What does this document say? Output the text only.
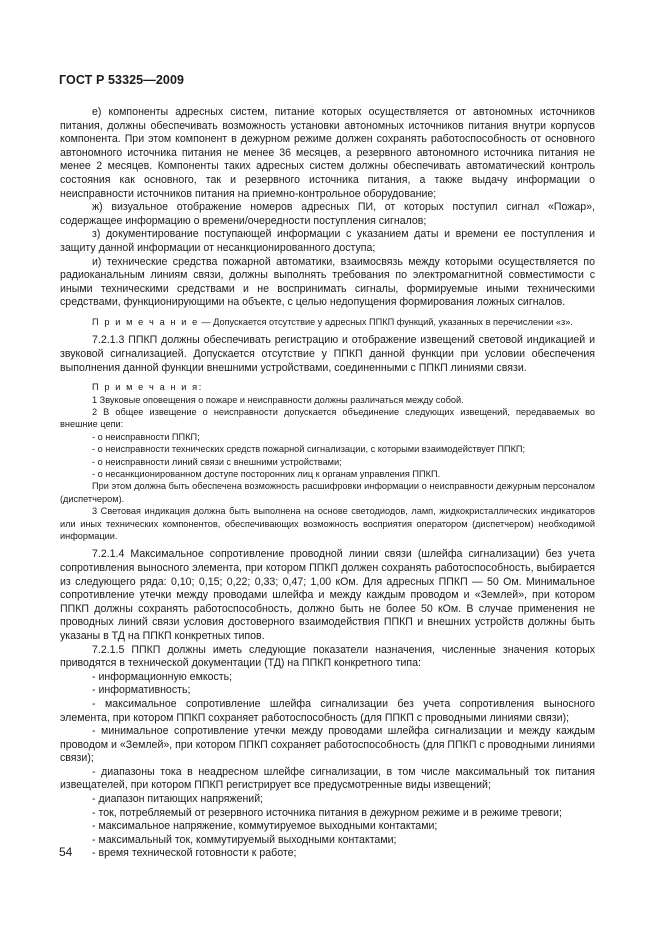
ГОСТ Р 53325—2009

е) компоненты адресных систем, питание которых осуществляется от автономных источников питания, должны обеспечивать возможность установки автономных источников питания внутри корпусов компонента. При этом компонент в дежурном режиме должен сохранять работоспособность от основного автономного источника питания не менее 36 месяцев, а резервного автономного источника питания не менее 2 месяцев. Компоненты таких адресных систем должны обеспечивать автоматический контроль состояния как основного, так и резервного источника питания, а также выдачу информации о неисправности источников питания на приемно-контрольное оборудование;

ж) визуальное отображение номеров адресных ПИ, от которых поступил сигнал «Пожар», содержащее информацию о времени/очередности поступления сигналов;

з) документирование поступающей информации с указанием даты и времени ее поступления и защиту данной информации от несанкционированного доступа;

и) технические средства пожарной автоматики, взаимосвязь между которыми осуществляется по радиоканальным линиям связи, должны выполнять требования по электромагнитной совместимости с иными техническими средствами и не воспринимать сигналы, формируемые иными техническими средствами, функционирующими на объекте, с целью недопущения формирования ложных сигналов.

П р и м е ч а н и е — Допускается отсутствие у адресных ППКП функций, указанных в перечислении «з».

7.2.1.3 ППКП должны обеспечивать регистрацию и отображение извещений световой индикацией и звуковой сигнализацией. Допускается отсутствие у ППКП данной функции при условии обеспечения выполнения данной функции внешними устройствами, соединенными с ППКП линиями связи.

П р и м е ч а н и я:

1 Звуковые оповещения о пожаре и неисправности должны различаться между собой.

2 В общее извещение о неисправности допускается объединение следующих извещений, передаваемых во внешние цепи:

- о неисправности ППКП;

- о неисправности технических средств пожарной сигнализации, с которыми взаимодействует ППКП;

- о неисправности линий связи с внешними устройствами;

- о несанкционированном доступе посторонних лиц к органам управления ППКП.

При этом должна быть обеспечена возможность расшифровки информации о неисправности дежурным персоналом (диспетчером).

3 Световая индикация должна быть выполнена на основе светодиодов, ламп, жидкокристаллических индикаторов или иных технических компонентов, обеспечивающих возможность восприятия оператором (диспетчером) необходимой информации.

7.2.1.4 Максимальное сопротивление проводной линии связи (шлейфа сигнализации) без учета сопротивления выносного элемента, при котором ППКП должен сохранять работоспособность, выбирается из следующего ряда: 0,10; 0,15; 0,22; 0,33; 0,47; 1,00 кОм. Для адресных ППКП — 50 Ом. Минимальное сопротивление утечки между проводами шлейфа и между каждым проводом и «Землей», при котором ППКП должны сохранять работоспособность, должно быть не более 50 кОм. В случае применения не проводных линий связи условия достоверного взаимодействия ППКП и внешних устройств должны быть указаны в ТД на ППКП конкретных типов.

7.2.1.5 ППКП должны иметь следующие показатели назначения, численные значения которых приводятся в технической документации (ТД) на ППКП конкретного типа:

- информационную емкость;

- информативность;

- максимальное сопротивление шлейфа сигнализации без учета сопротивления выносного элемента, при котором ППКП сохраняет работоспособность (для ППКП с проводными линиями связи);

- минимальное сопротивление утечки между проводами шлейфа сигнализации и между каждым проводом и «Землей», при котором ППКП сохраняет работоспособность (для ППКП с проводными линиями связи);

- диапазоны тока в неадресном шлейфе сигнализации, в том числе максимальный ток питания извещателей, при котором ППКП регистрирует все предусмотренные виды извещений;

- диапазон питающих напряжений;

- ток, потребляемый от резервного источника питания в дежурном режиме и в режиме тревоги;

- максимальное напряжение, коммутируемое выходными контактами;

- максимальный ток, коммутируемый выходными контактами;

- время технической готовности к работе;

54
